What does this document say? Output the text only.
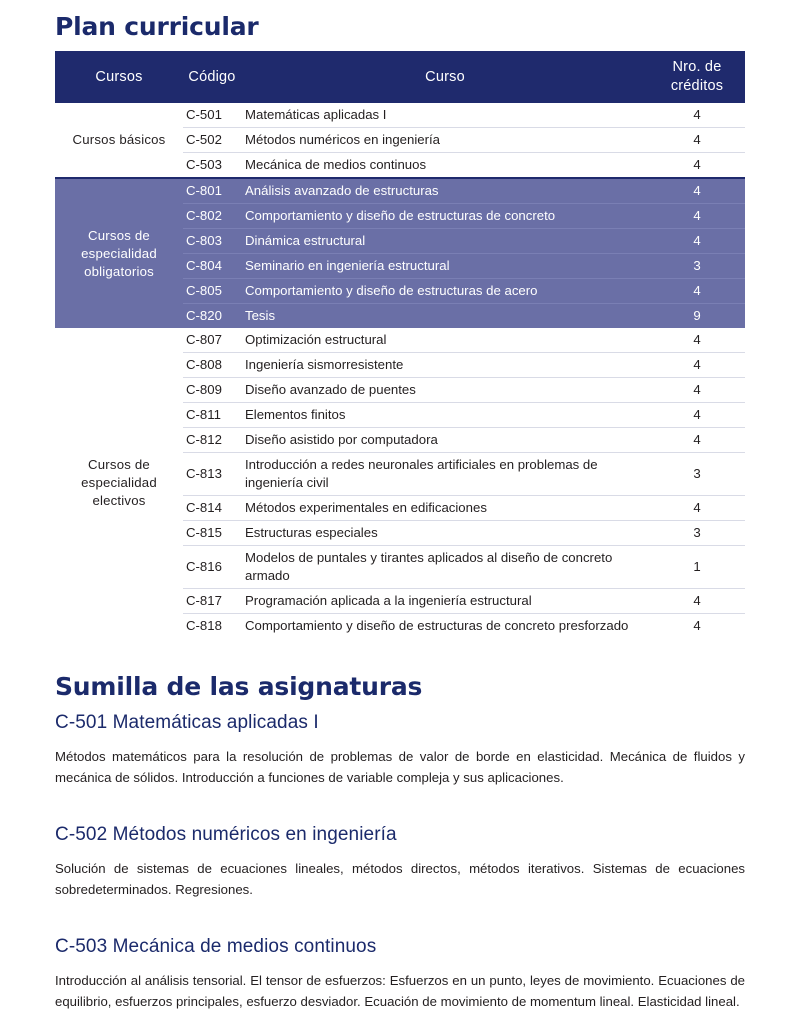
Plan curricular
Cursos	Código	Curso	Nro. de créditos
Cursos básicos	C-501	Matemáticas aplicadas I	4
	C-502	Métodos numéricos en ingeniería	4
	C-503	Mecánica de medios continuos	4
Cursos de especialidad obligatorios	C-801	Análisis avanzado de estructuras	4
	C-802	Comportamiento y diseño de estructuras de concreto	4
	C-803	Dinámica estructural	4
	C-804	Seminario en ingeniería estructural	3
	C-805	Comportamiento y diseño de estructuras de acero	4
	C-820	Tesis	9
Cursos de especialidad electivos	C-807	Optimización estructural	4
	C-808	Ingeniería sismorresistente	4
	C-809	Diseño avanzado de puentes	4
	C-811	Elementos finitos	4
	C-812	Diseño asistido por computadora	4
	C-813	Introducción a redes neuronales artificiales en problemas de ingeniería civil	3
	C-814	Métodos experimentales en edificaciones	4
	C-815	Estructuras especiales	3
	C-816	Modelos de puntales y tirantes aplicados al diseño de concreto armado	1
	C-817	Programación aplicada a la ingeniería estructural	4
	C-818	Comportamiento y diseño de estructuras de concreto presforzado	4
Sumilla de las asignaturas
C-501 Matemáticas aplicadas I

Métodos matemáticos para la resolución de problemas de valor de borde en elasticidad. Mecánica de fluidos y mecánica de sólidos. Introducción a funciones de variable compleja y sus aplicaciones.

C-502 Métodos numéricos en ingeniería

Solución de sistemas de ecuaciones lineales, métodos directos, métodos iterativos. Sistemas de ecuaciones sobredeterminados. Regresiones.

C-503 Mecánica de medios continuos

Introducción al análisis tensorial. El tensor de esfuerzos: Esfuerzos en un punto, leyes de movimiento. Ecuaciones de equilibrio, esfuerzos principales, esfuerzo desviador. Ecuación de movimiento de momentum lineal. Elasticidad lineal.
